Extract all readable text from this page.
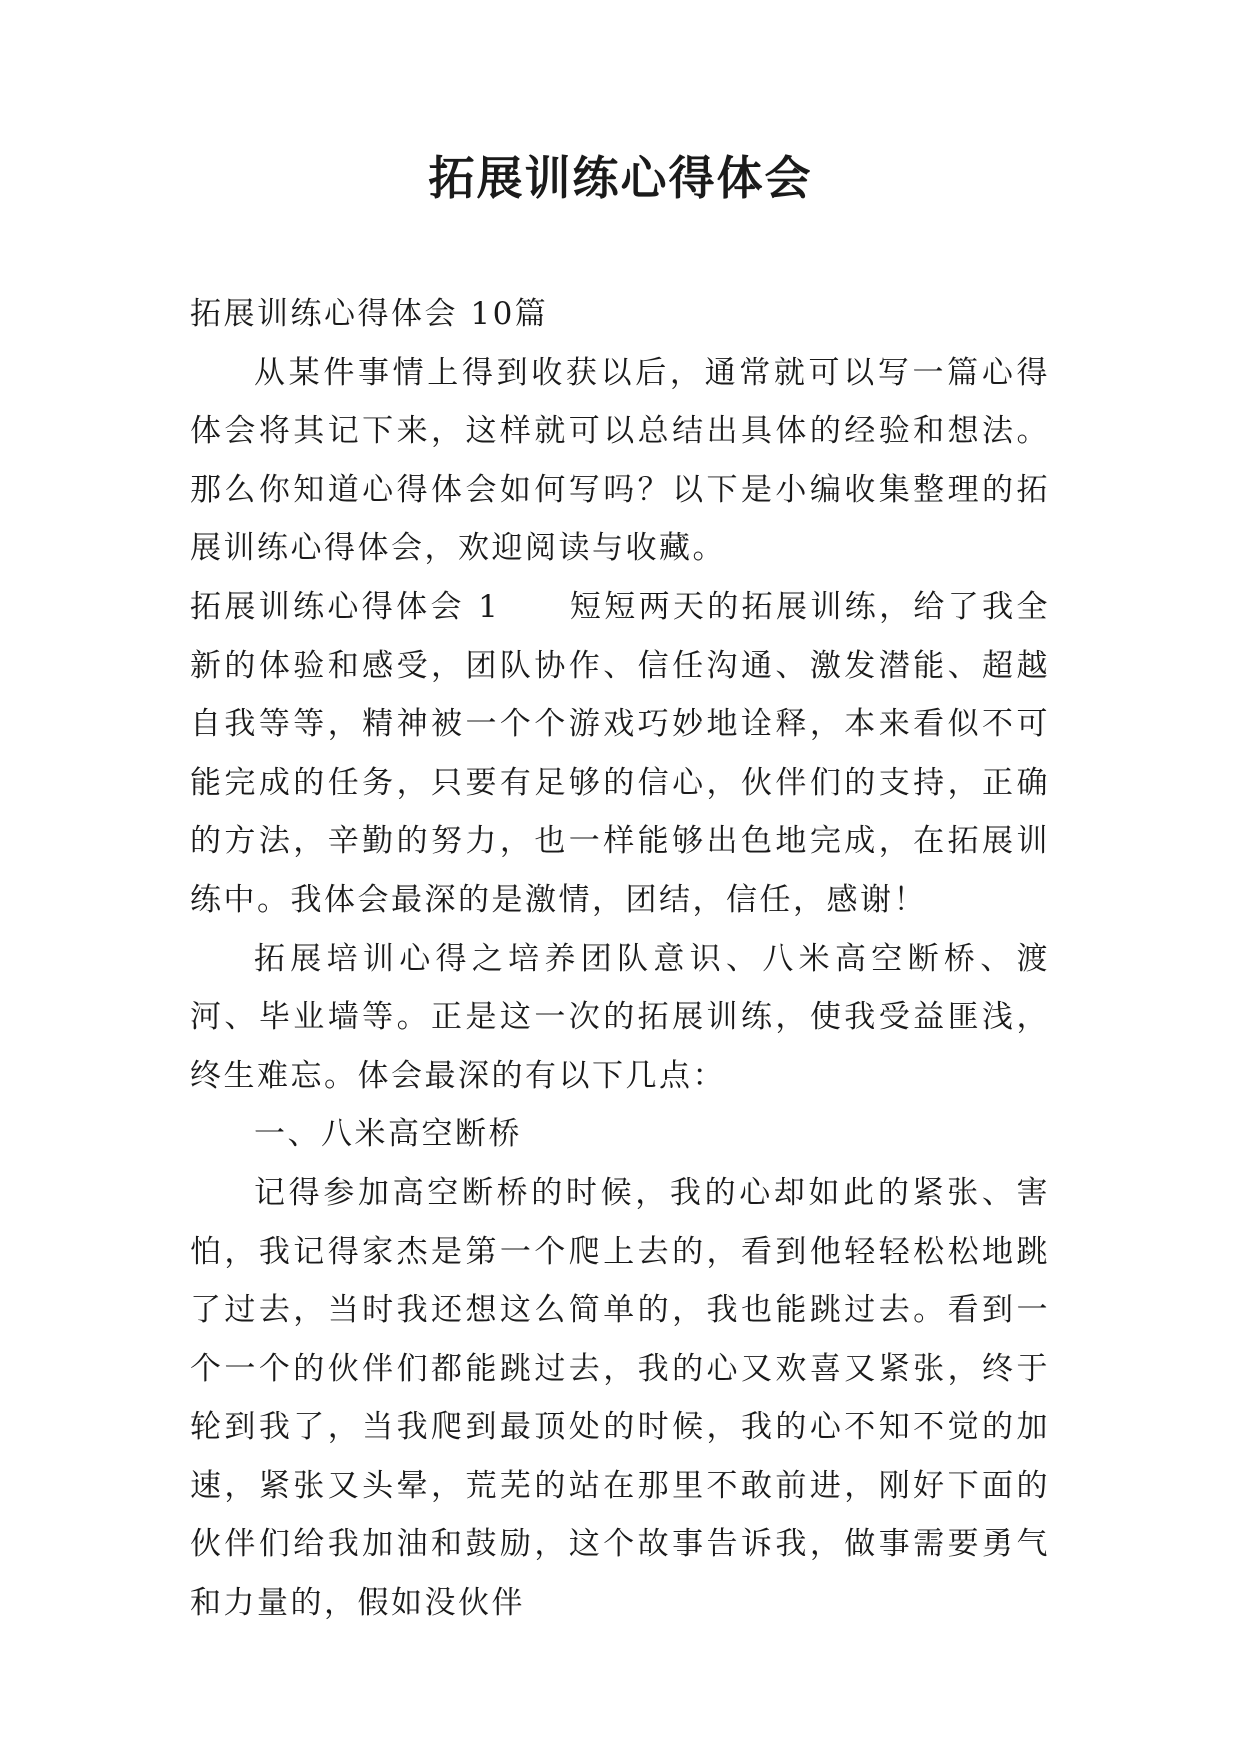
拓展训练心得体会

拓展训练心得体会 10篇

从某件事情上得到收获以后，通常就可以写一篇心得体会将其记下来，这样就可以总结出具体的经验和想法。那么你知道心得体会如何写吗？以下是小编收集整理的拓展训练心得体会，欢迎阅读与收藏。

拓展训练心得体会 1　　短短两天的拓展训练，给了我全新的体验和感受，团队协作、信任沟通、激发潜能、超越自我等等，精神被一个个游戏巧妙地诠释，本来看似不可能完成的任务，只要有足够的信心，伙伴们的支持，正确的方法，辛勤的努力，也一样能够出色地完成，在拓展训练中。我体会最深的是激情，团结，信任，感谢！

拓展培训心得之培养团队意识、八米高空断桥、渡河、毕业墙等。正是这一次的拓展训练，使我受益匪浅，终生难忘。体会最深的有以下几点：

一、八米高空断桥

记得参加高空断桥的时候，我的心却如此的紧张、害怕，我记得家杰是第一个爬上去的，看到他轻轻松松地跳了过去，当时我还想这么简单的，我也能跳过去。看到一个一个的伙伴们都能跳过去，我的心又欢喜又紧张，终于轮到我了，当我爬到最顶处的时候，我的心不知不觉的加速，紧张又头晕，荒芜的站在那里不敢前进，刚好下面的伙伴们给我加油和鼓励，这个故事告诉我，做事需要勇气和力量的，假如没伙伴
